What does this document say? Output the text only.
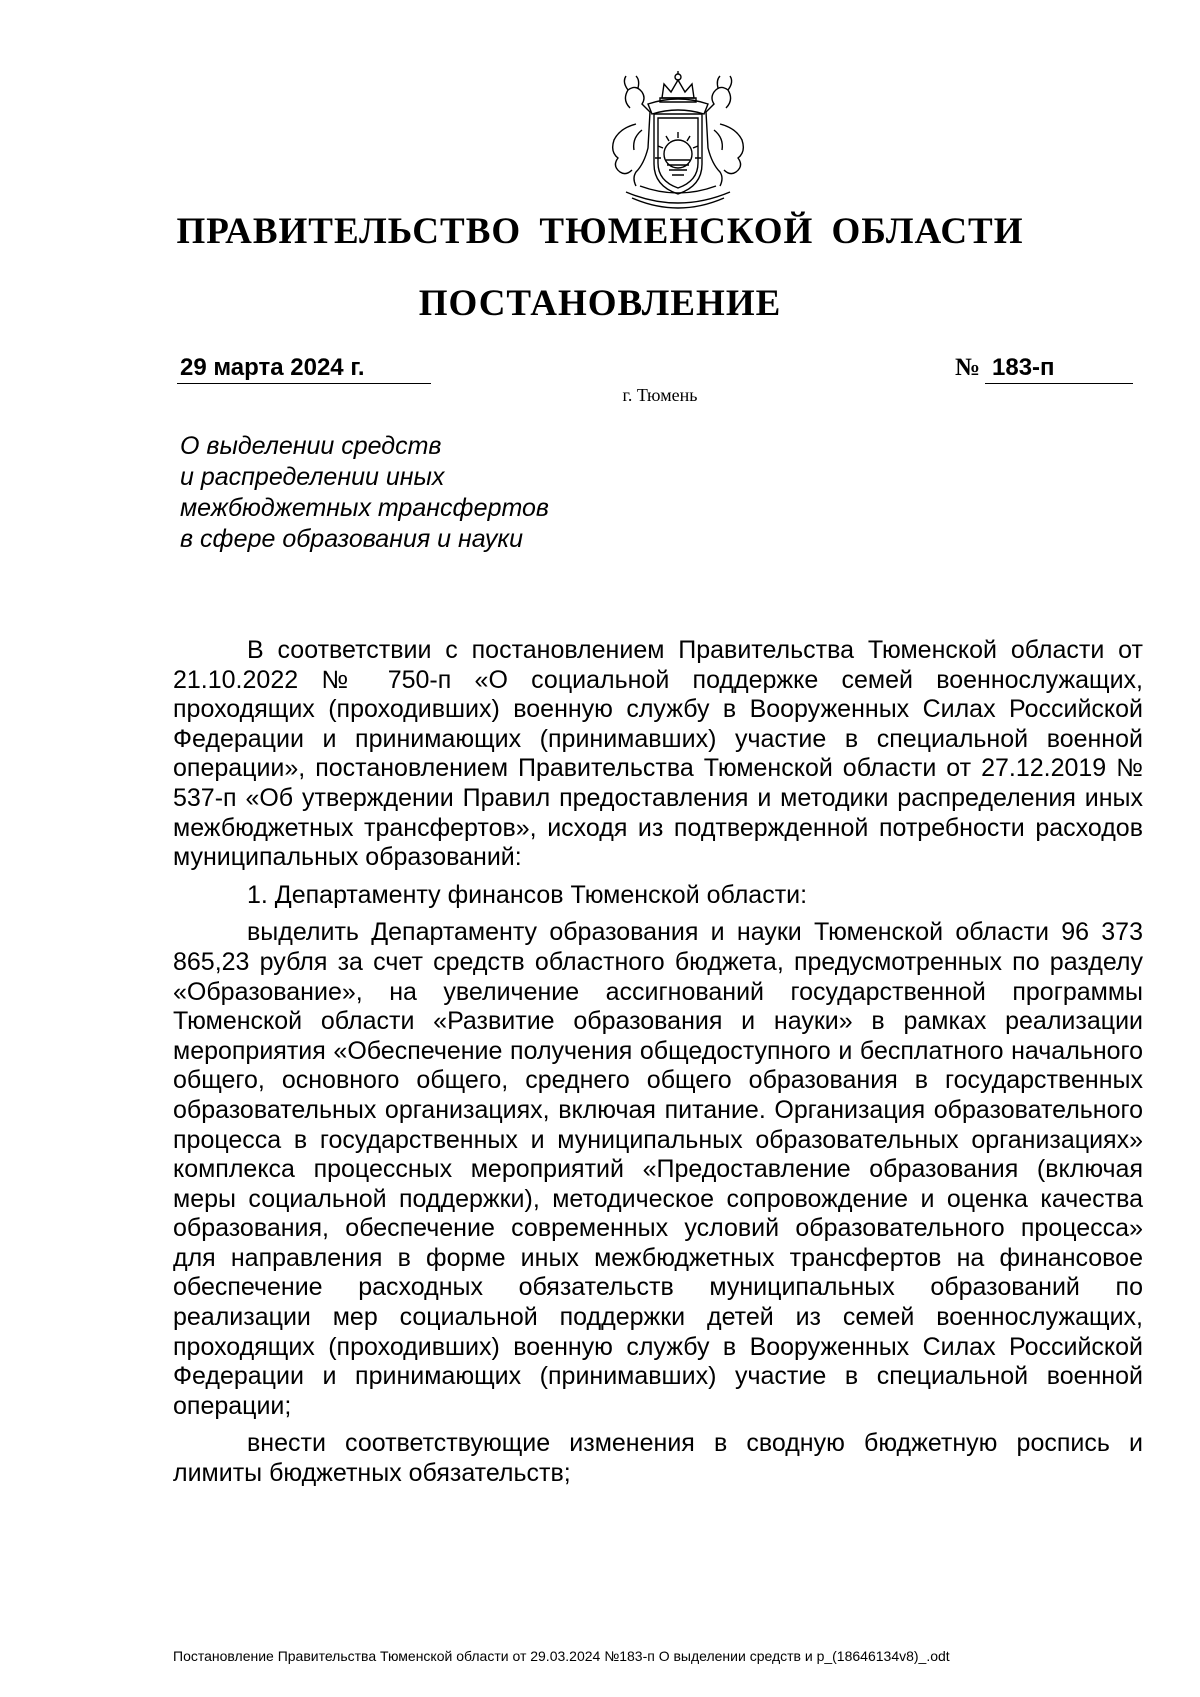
ПРАВИТЕЛЬСТВО ТЮМЕНСКОЙ ОБЛАСТИ
ПОСТАНОВЛЕНИЕ
29 марта 2024 г.	№ 183-п
г. Тюмень
О выделении средств
и распределении иных
межбюджетных трансфертов
в сфере образования и науки

В соответствии с постановлением Правительства Тюменской области от 21.10.2022 № 750-п «О социальной поддержке семей военнослужащих, проходящих (проходивших) военную службу в Вооруженных Силах Российской Федерации и принимающих (принимавших) участие в специальной военной операции», постановлением Правительства Тюменской области от 27.12.2019 № 537-п «Об утверждении Правил предоставления и методики распределения иных межбюджетных трансфертов», исходя из подтвержденной потребности расходов муниципальных образований:

1. Департаменту финансов Тюменской области:

выделить Департаменту образования и науки Тюменской области 96 373 865,23 рубля за счет средств областного бюджета, предусмотренных по разделу «Образование», на увеличение ассигнований государственной программы Тюменской области «Развитие образования и науки» в рамках реализации мероприятия «Обеспечение получения общедоступного и бесплатного начального общего, основного общего, среднего общего образования в государственных образовательных организациях, включая питание. Организация образовательного процесса в государственных и муниципальных образовательных организациях» комплекса процессных мероприятий «Предоставление образования (включая меры социальной поддержки), методическое сопровождение и оценка качества образования, обеспечение современных условий образовательного процесса» для направления в форме иных межбюджетных трансфертов на финансовое обеспечение расходных обязательств муниципальных образований по реализации мер социальной поддержки детей из семей военнослужащих, проходящих (проходивших) военную службу в Вооруженных Силах Российской Федерации и принимающих (принимавших) участие в специальной военной операции;

внести соответствующие изменения в сводную бюджетную роспись и лимиты бюджетных обязательств;

Постановление Правительства Тюменской области от 29.03.2024 №183-п О выделении средств и р_(18646134v8)_.odt
